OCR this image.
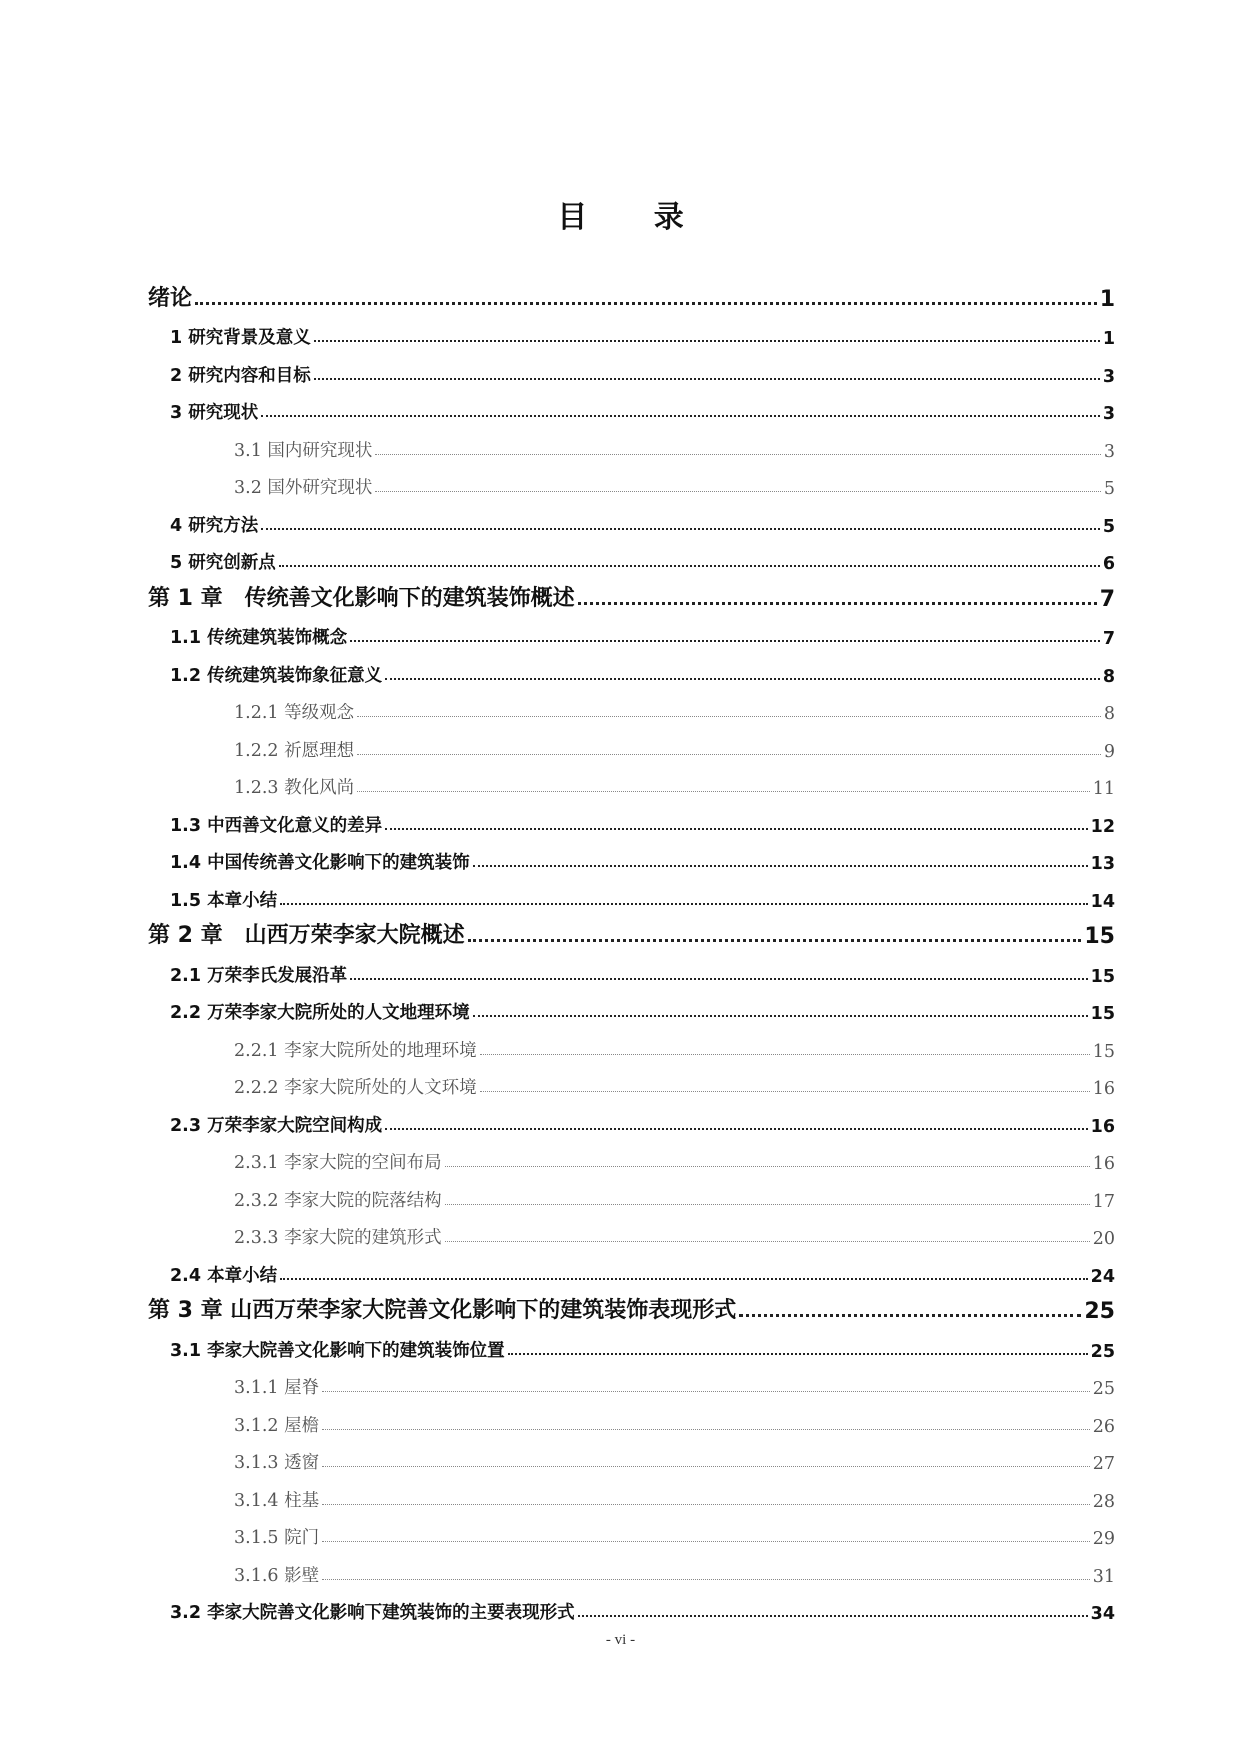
目 录
绪论	1
1 研究背景及意义	1
2 研究内容和目标	3
3 研究现状	3
3.1 国内研究现状	3
3.2 国外研究现状	5
4 研究方法	5
5 研究创新点	6
第 1 章　传统善文化影响下的建筑装饰概述	7
1.1 传统建筑装饰概念	7
1.2 传统建筑装饰象征意义	8
1.2.1 等级观念	8
1.2.2 祈愿理想	9
1.2.3 教化风尚	11
1.3 中西善文化意义的差异	12
1.4 中国传统善文化影响下的建筑装饰	13
1.5 本章小结	14
第 2 章　山西万荣李家大院概述	15
2.1 万荣李氏发展沿革	15
2.2 万荣李家大院所处的人文地理环境	15
2.2.1 李家大院所处的地理环境	15
2.2.2 李家大院所处的人文环境	16
2.3 万荣李家大院空间构成	16
2.3.1 李家大院的空间布局	16
2.3.2 李家大院的院落结构	17
2.3.3 李家大院的建筑形式	20
2.4 本章小结	24
第 3 章 山西万荣李家大院善文化影响下的建筑装饰表现形式	25
3.1 李家大院善文化影响下的建筑装饰位置	25
3.1.1 屋脊	25
3.1.2 屋檐	26
3.1.3 透窗	27
3.1.4 柱基	28
3.1.5 院门	29
3.1.6 影壁	31
3.2 李家大院善文化影响下建筑装饰的主要表现形式	34
- vi -
